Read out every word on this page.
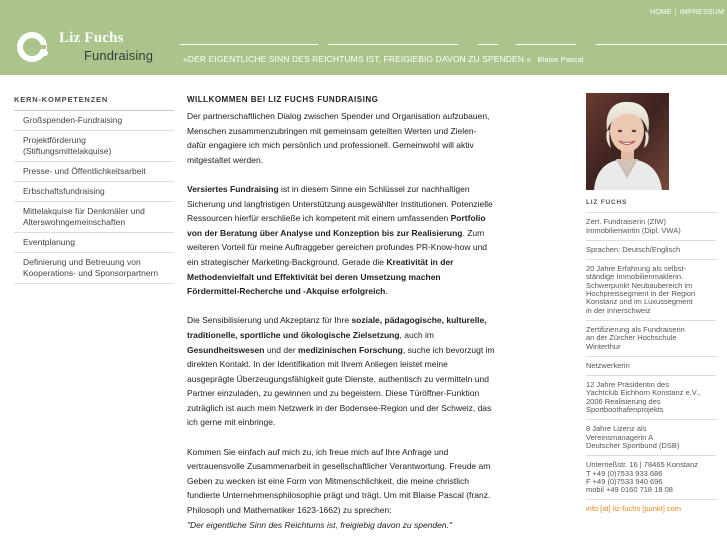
HOME | IMPRESSUM
Liz Fuchs
Fundraising	»DER EIGENTLICHE SINN DES REICHTUMS IST, FREIGIEBIG DAVON ZU SPENDEN.« Blaise Pascal
KERN-KOMPETENZEN
Großspenden-Fundraising
Projektförderung (Stiftungsmittelakquise)
Presse- und Öffentlichkeitsarbeit
Erbschaftsfundraising
Mittelakquise für Denkmäler und Alterswohngemeinschaften
Eventplanung
Definierung und Betreuung von Kooperations- und Sponsorpartnern
WILLKOMMEN BEI LIZ FUCHS FUNDRAISING

Der partnerschaftlichen Dialog zwischen Spender und Organisation aufzubauen, Menschen zusammenzubringen mit gemeinsam geteilten Werten und Zielen- dafür engagiere ich mich persönlich und professionell. Gemeinwohl will aktiv mitgestaltet werden.

Versiertes Fundraising ist in diesem Sinne ein Schlüssel zur nachhaltigen Sicherung und langfristigen Unterstützung ausgewählter Institutionen. Potenzielle Ressourcen hierfür erschließe ich kompetent mit einem umfassenden Portfolio von der Beratung über Analyse und Konzeption bis zur Realisierung. Zum weiteren Vorteil für meine Auftraggeber gereichen profundes PR-Know-how und ein strategischer Marketing-Background. Gerade die Kreativität in der Methodenvielfalt und Effektivität bei deren Umsetzung machen Fördermittel-Recherche und -Akquise erfolgreich.

Die Sensibilisierung und Akzeptanz für Ihre soziale, pädagogische, kulturelle, traditionelle, sportliche und ökologische Zielsetzung, auch im Gesundheitswesen und der medizinischen Forschung, suche ich bevorzugt im direkten Kontakt. In der Identifikation mit Ihrem Anliegen leistet meine ausgeprägte Überzeugungsfähigkeit gute Dienste, authentisch zu vermitteln und Partner einzuladen, zu gewinnen und zu begeistern. Diese Türöffner-Funktion zuträglich ist auch mein Netzwerk in der Bodensee-Region und der Schweiz, das ich gerne mit einbringe.

Kommen Sie einfach auf mich zu, ich freue mich auf Ihre Anfrage und vertrauensvolle Zusammenarbeit in gesellschaftlicher Verantwortung. Freude am Geben zu wecken ist eine Form von Mitmenschlichkeit, die meine christlich fundierte Unternehmensphilosophie prägt und trägt. Um mit Blaise Pascal (franz. Philosoph und Mathematiker 1623-1662) zu sprechen:
"Der eigentliche Sinn des Reichtums ist, freigiebig davon zu spenden."

LIZ FUCHS
Zert. Fundraiserin (ZIW)
Immobilienwirtin (Dipl. VWA)
Sprachen: Deutsch/Englisch
20 Jahre Erfahrung als selbst-
ständige Immobilienmaklerin.
Schwerpunkt Neubaubereich im
Hochpreissegment in der Region
Konstanz und im Luxussegment
in der Innerschweiz
Zertifizierung als Fundraiserin
an der Zürcher Hochschule
Winterthur
Netzwerkerin
12 Jahre Präsidentin des
Yachtclub Eichhorn Konstanz e.V.,
2006 Realisierung des
Sportboothafenprojekts
8 Jahre Lizenz als
Vereinsmanagerin A
Deutscher Sportbund (DSB)
Unterrießstr. 16 | 78465 Konstanz
T +49 (0)7533 933 686
F +49 (0)7533 940 696
mobil +49 0160 718 18 08
info [at] liz-fuchs [punkt] com
